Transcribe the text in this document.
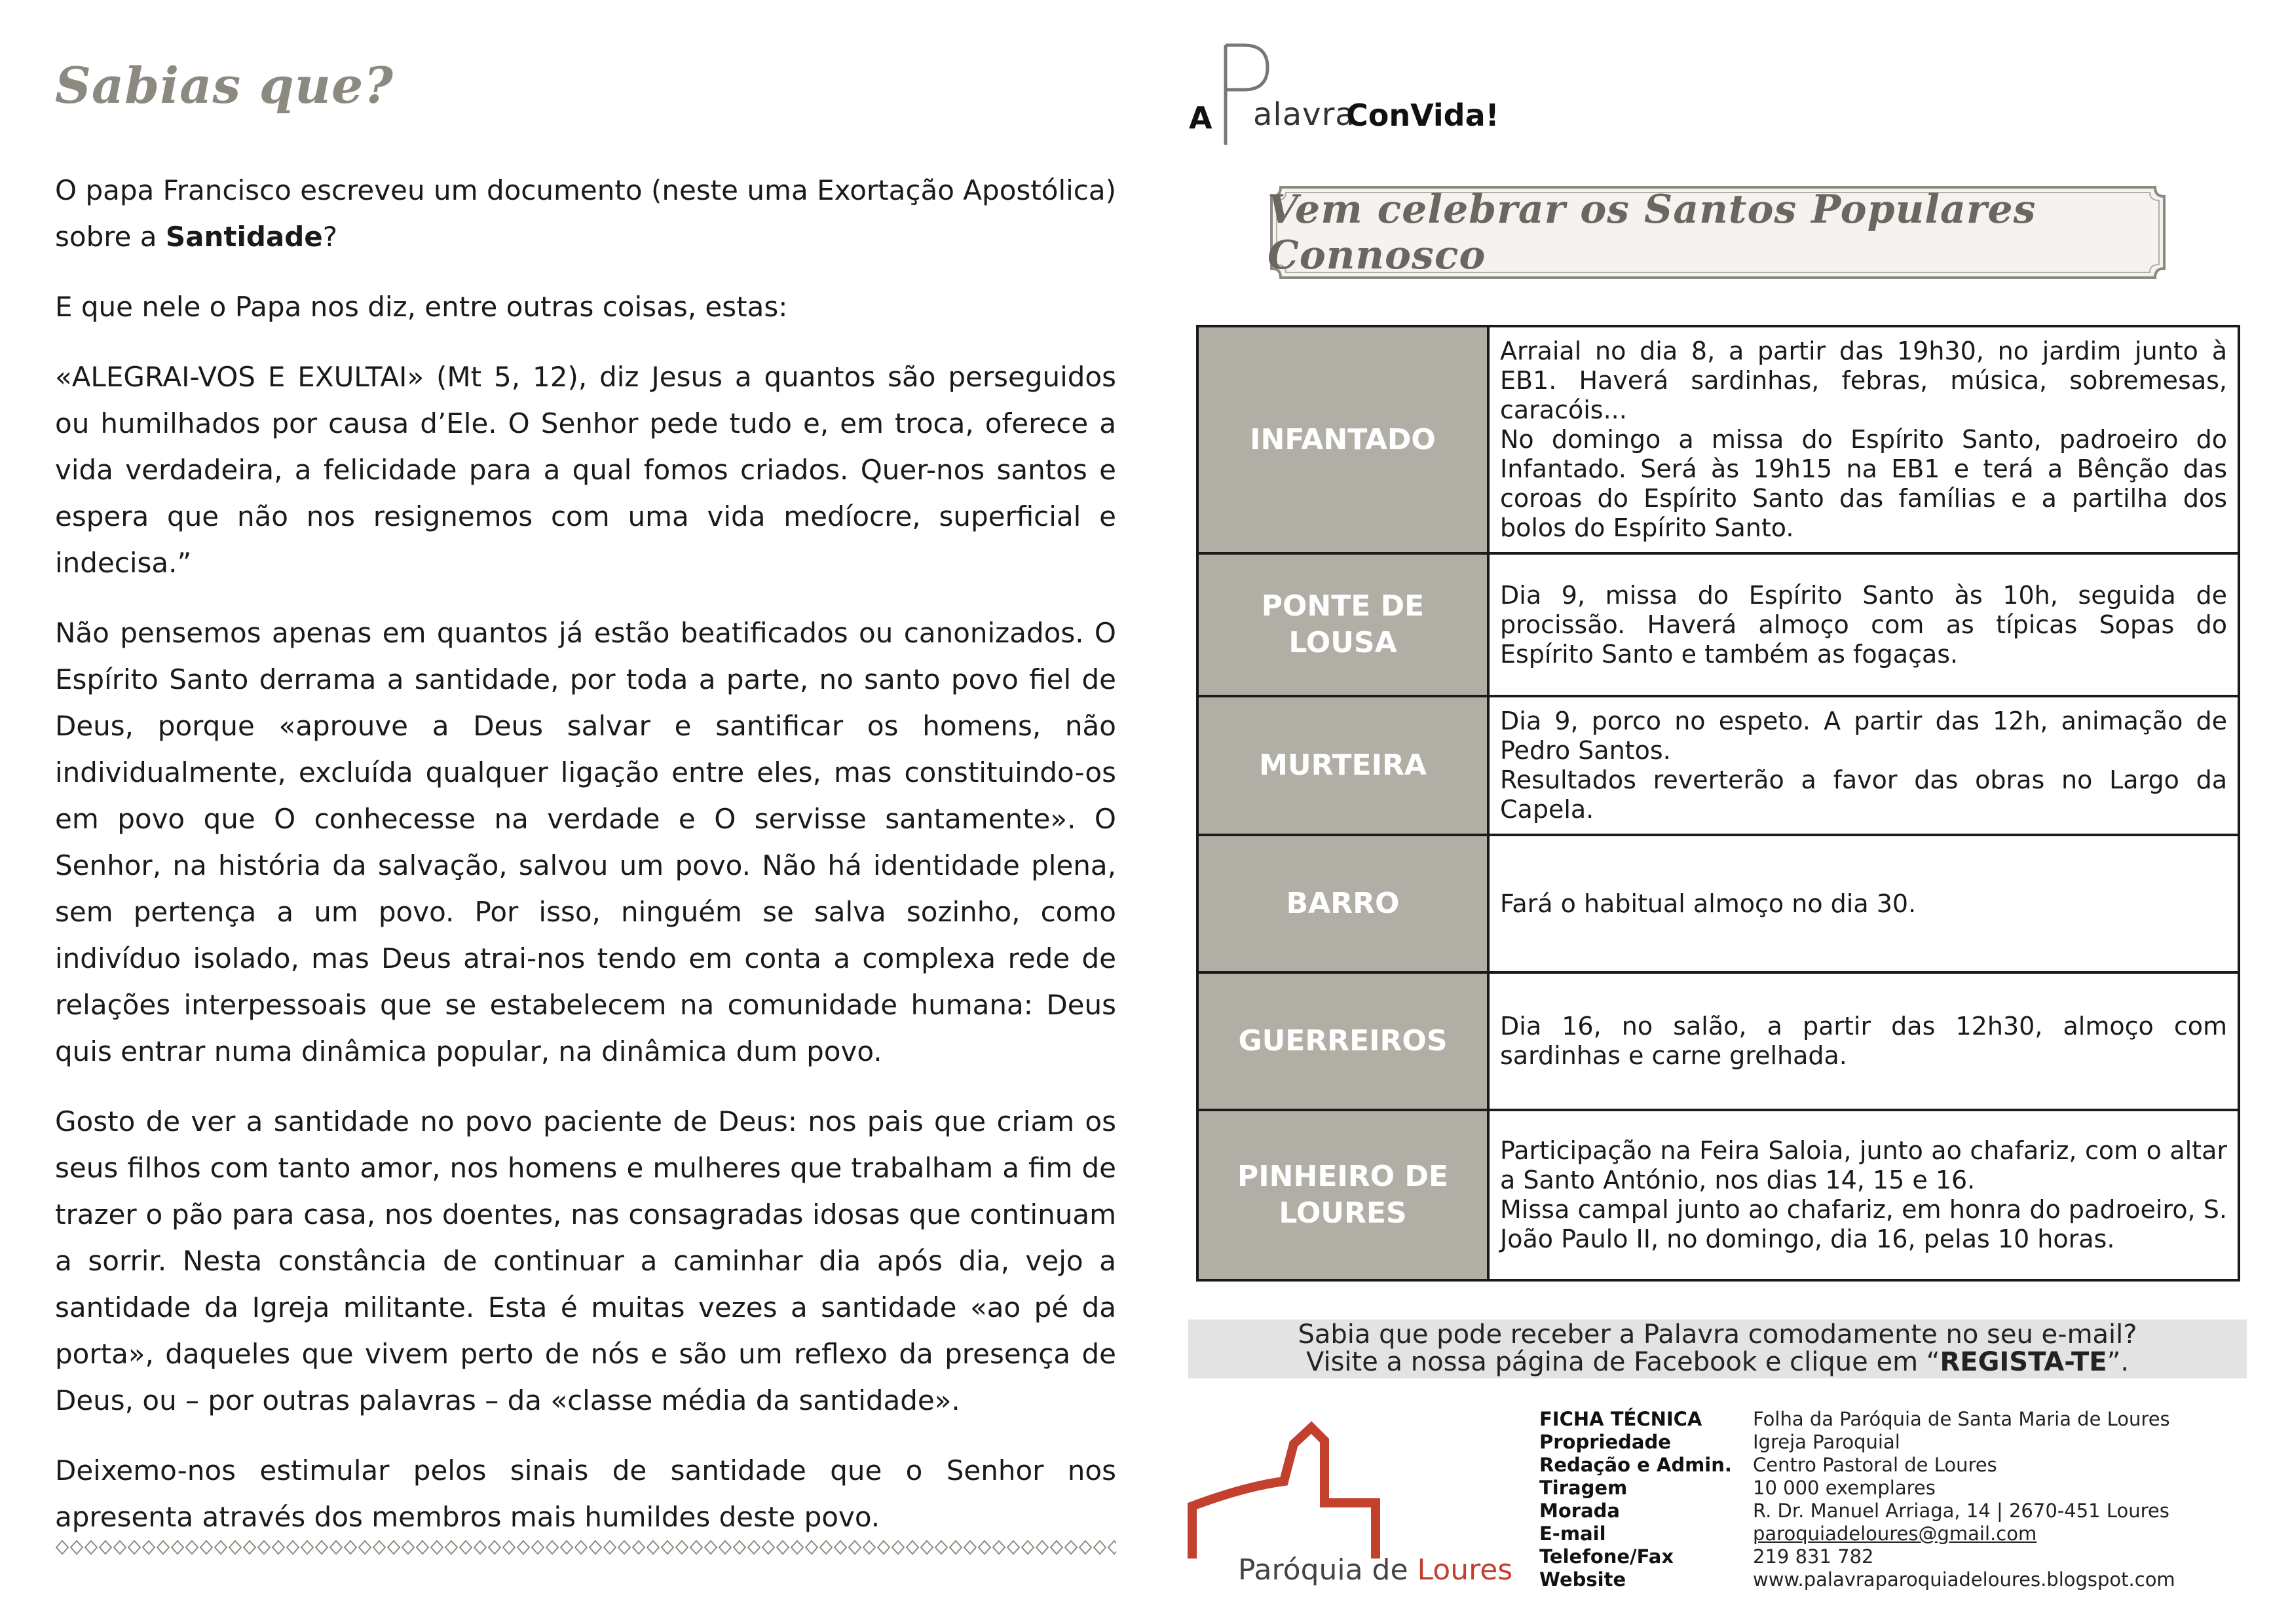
Sabias que?

O papa Francisco escreveu um documento (neste uma Exortação Apostólica) sobre a Santidade?

E que nele o Papa nos diz, entre outras coisas, estas:

«ALEGRAI-VOS E EXULTAI» (Mt 5, 12), diz Jesus a quantos são perseguidos ou humilhados por causa d’Ele. O Senhor pede tudo e, em troca, oferece a vida verdadeira, a felicidade para a qual fomos criados. Quer-nos santos e espera que não nos resignemos com uma vida medíocre, superficial e indecisa.”

Não pensemos apenas em quantos já estão beatificados ou canonizados. O Espírito Santo derrama a santidade, por toda a parte, no santo povo fiel de Deus, porque «aprouve a Deus salvar e santificar os homens, não individualmente, excluída qualquer ligação entre eles, mas constituindo-os em povo que O conhecesse na verdade e O servisse santamente». O Senhor, na história da salvação, salvou um povo. Não há identidade plena, sem pertença a um povo. Por isso, ninguém se salva sozinho, como indivíduo isolado, mas Deus atrai-nos tendo em conta a complexa rede de relações interpessoais que se estabelecem na comunidade humana: Deus quis entrar numa dinâmica popular, na dinâmica dum povo.

Gosto de ver a santidade no povo paciente de Deus: nos pais que criam os seus filhos com tanto amor, nos homens e mulheres que trabalham a fim de trazer o pão para casa, nos doentes, nas consagradas idosas que continuam a sorrir. Nesta constância de continuar a caminhar dia após dia, vejo a santidade da Igreja militante. Esta é muitas vezes a santidade «ao pé da porta», daqueles que vivem perto de nós e são um reflexo da presença de Deus, ou – por outras palavras – da «classe média da santidade».

Deixemo-nos estimular pelos sinais de santidade que o Senhor nos apresenta através dos membros mais humildes deste povo.

A alavra
ConVida!
Vem celebrar os Santos Populares Connosco
INFANTADO	Arraial no dia 8, a partir das 19h30, no jardim junto à EB1. Haverá sardinhas, febras, música, sobremesas, caracóis...
No domingo a missa do Espírito Santo, padroeiro do Infantado. Será às 19h15 na EB1 e terá a Bênção das coroas do Espírito Santo das famílias e a partilha dos bolos do Espírito Santo.

PONTE DE LOUSA	Dia 9, missa do Espírito Santo às 10h, seguida de procissão. Haverá almoço com as típicas Sopas do Espírito Santo e também as fogaças.

MURTEIRA	Dia 9, porco no espeto. A partir das 12h, animação de Pedro Santos.
Resultados reverterão a favor das obras no Largo da Capela.

BARRO	Fará o habitual almoço no dia 30.

GUERREIROS	Dia 16, no salão, a partir das 12h30, almoço com sardinhas e carne grelhada.

PINHEIRO DE LOURES	Participação na Feira Saloia, junto ao chafariz, com o altar a Santo António, nos dias 14, 15 e 16.
Missa campal junto ao chafariz, em honra do padroeiro, S. João Paulo II, no domingo, dia 16, pelas 10 horas.
Sabia que pode receber a Palavra comodamente no seu e-mail?
Visite a nossa página de Facebook e clique em “REGISTA-TE”.
Paróquia de Loures
FICHA TÉCNICA	Folha da Paróquia de Santa Maria de Loures
Propriedade	Igreja Paroquial
Redação e Admin.	Centro Pastoral de Loures
Tiragem	10 000 exemplares
Morada	R. Dr. Manuel Arriaga, 14 | 2670-451 Loures
E-mail	paroquiadeloures@gmail.com
Telefone/Fax	219 831 782
Website	www.palavraparoquiadeloures.blogspot.com
